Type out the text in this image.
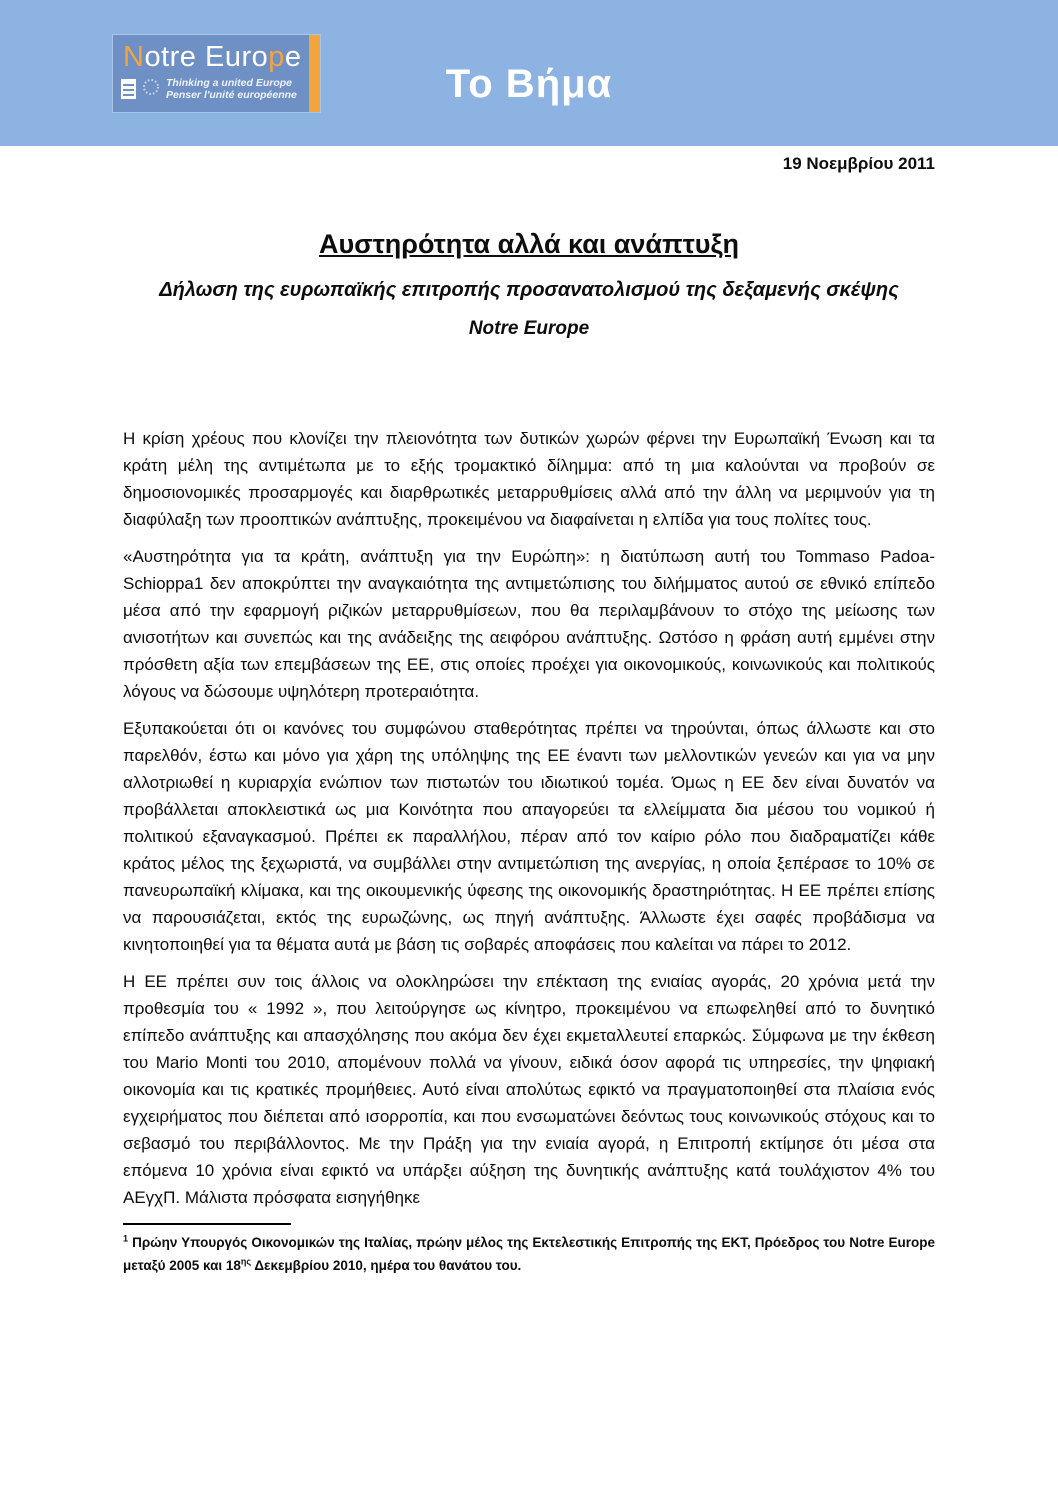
Notre Europe
Thinking a united Europe
Penser l'unité européenne	Το Βήμα
19 Νοεμβρίου 2011
Αυστηρότητα αλλά και ανάπτυξη
Δήλωση της ευρωπαϊκής επιτροπής προσανατολισμού της δεξαμενής σκέψης
Notre Europe

Η κρίση χρέους που κλονίζει την πλειονότητα των δυτικών χωρών φέρνει την Ευρωπαϊκή Ένωση και τα κράτη μέλη της αντιμέτωπα με το εξής τρομακτικό δίλημμα: από τη μια καλούνται να προβούν σε δημοσιονομικές προσαρμογές και διαρθρωτικές μεταρρυθμίσεις αλλά από την άλλη να μεριμνούν για τη διαφύλαξη των προοπτικών ανάπτυξης, προκειμένου να διαφαίνεται η ελπίδα για τους πολίτες τους.

«Αυστηρότητα για τα κράτη, ανάπτυξη για την Ευρώπη»: η διατύπωση αυτή του Tommaso Padoa-Schioppa1 δεν αποκρύπτει την αναγκαιότητα της αντιμετώπισης του διλήμματος αυτού σε εθνικό επίπεδο μέσα από την εφαρμογή ριζικών μεταρρυθμίσεων, που θα περιλαμβάνουν το στόχο της μείωσης των ανισοτήτων και συνεπώς και της ανάδειξης της αειφόρου ανάπτυξης. Ωστόσο η φράση αυτή εμμένει στην πρόσθετη αξία των επεμβάσεων της ΕΕ, στις οποίες προέχει για οικονομικούς, κοινωνικούς και πολιτικούς λόγους να δώσουμε υψηλότερη προτεραιότητα.

Εξυπακούεται ότι οι κανόνες του συμφώνου σταθερότητας πρέπει να τηρούνται, όπως άλλωστε και στο παρελθόν, έστω και μόνο για χάρη της υπόληψης της ΕΕ έναντι των μελλοντικών γενεών και για να μην αλλοτριωθεί η κυριαρχία ενώπιον των πιστωτών του ιδιωτικού τομέα. Όμως η ΕΕ δεν είναι δυνατόν να προβάλλεται αποκλειστικά ως μια Κοινότητα που απαγορεύει τα ελλείμματα δια μέσου του νομικού ή πολιτικού εξαναγκασμού. Πρέπει εκ παραλλήλου, πέραν από τον καίριο ρόλο που διαδραματίζει κάθε κράτος μέλος της ξεχωριστά, να συμβάλλει στην αντιμετώπιση της ανεργίας, η οποία ξεπέρασε το 10% σε πανευρωπαϊκή κλίμακα, και της οικουμενικής ύφεσης της οικονομικής δραστηριότητας. Η ΕΕ πρέπει επίσης να παρουσιάζεται, εκτός της ευρωζώνης, ως πηγή ανάπτυξης. Άλλωστε έχει σαφές προβάδισμα να κινητοποιηθεί για τα θέματα αυτά με βάση τις σοβαρές αποφάσεις που καλείται να πάρει το 2012.

Η ΕΕ πρέπει συν τοις άλλοις να ολοκληρώσει την επέκταση της ενιαίας αγοράς, 20 χρόνια μετά την προθεσμία του « 1992 », που λειτούργησε ως κίνητρο, προκειμένου να επωφεληθεί από το δυνητικό επίπεδο ανάπτυξης και απασχόλησης που ακόμα δεν έχει εκμεταλλευτεί επαρκώς. Σύμφωνα με την έκθεση του Mario Monti του 2010, απομένουν πολλά να γίνουν, ειδικά όσον αφορά τις υπηρεσίες, την ψηφιακή οικονομία και τις κρατικές προμήθειες. Αυτό είναι απολύτως εφικτό να πραγματοποιηθεί στα πλαίσια ενός εγχειρήματος που διέπεται από ισορροπία, και που ενσωματώνει δεόντως τους κοινωνικούς στόχους και το σεβασμό του περιβάλλοντος. Με την Πράξη για την ενιαία αγορά, η Επιτροπή εκτίμησε ότι μέσα στα επόμενα 10 χρόνια είναι εφικτό να υπάρξει αύξηση της δυνητικής ανάπτυξης κατά τουλάχιστον 4% του ΑΕγχΠ. Μάλιστα πρόσφατα εισηγήθηκε

$^1$ Πρώην Υπουργός Οικονομικών της Ιταλίας, πρώην μέλος της Εκτελεστικής Επιτροπής της ΕΚΤ, Πρόεδρος του Notre Europe μεταξύ 2005 και $18^{\eta\varsigma}$ Δεκεμβρίου 2010, ημέρα του θανάτου του.
